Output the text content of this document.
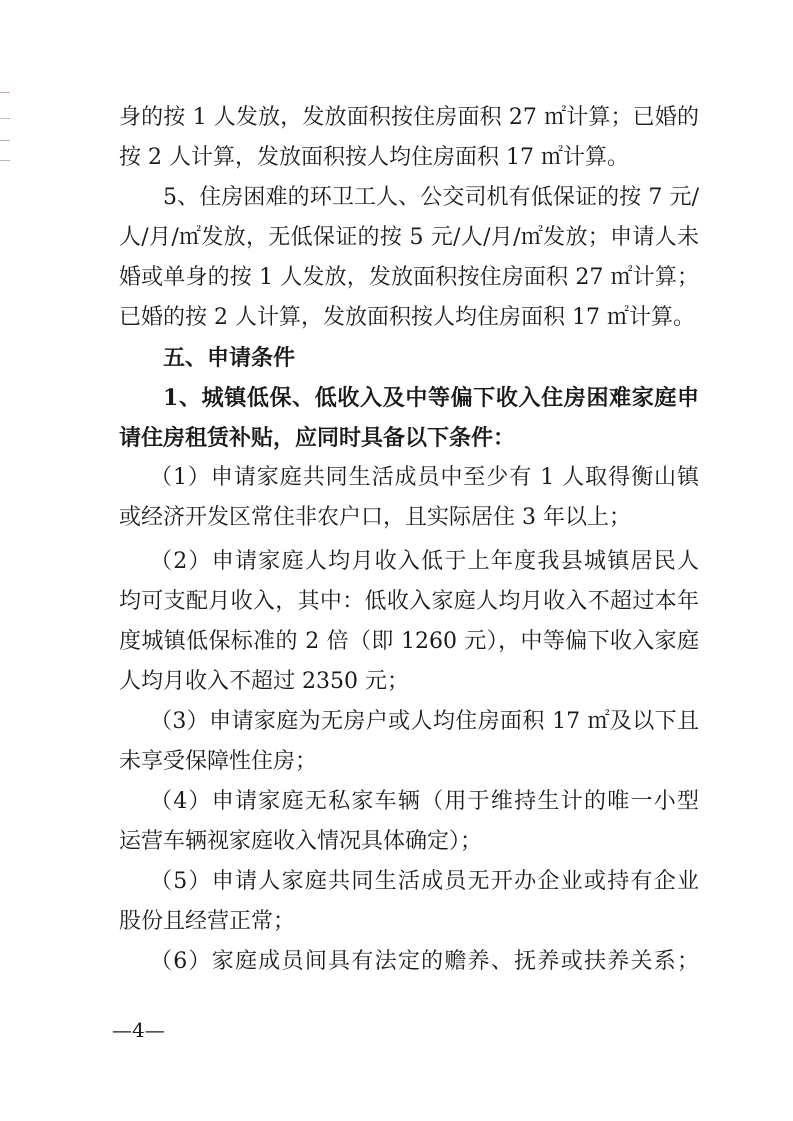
身的按 1 人发放，发放面积按住房面积 27 ㎡计算；已婚的
按 2 人计算，发放面积按人均住房面积 17 ㎡计算。
5、住房困难的环卫工人、公交司机有低保证的按 7 元/
人/月/㎡发放，无低保证的按 5 元/人/月/㎡发放；申请人未
婚或单身的按 1 人发放，发放面积按住房面积 27 ㎡计算；
已婚的按 2 人计算，发放面积按人均住房面积 17 ㎡计算。
五、申请条件
1、城镇低保、低收入及中等偏下收入住房困难家庭申
请住房租赁补贴，应同时具备以下条件：
（1）申请家庭共同生活成员中至少有 1 人取得衡山镇
或经济开发区常住非农户口，且实际居住 3 年以上；
（2）申请家庭人均月收入低于上年度我县城镇居民人
均可支配月收入，其中：低收入家庭人均月收入不超过本年
度城镇低保标准的 2 倍（即 1260 元），中等偏下收入家庭
人均月收入不超过 2350 元；
（3）申请家庭为无房户或人均住房面积 17 ㎡及以下且
未享受保障性住房；
（4）申请家庭无私家车辆（用于维持生计的唯一小型
运营车辆视家庭收入情况具体确定）；
（5）申请人家庭共同生活成员无开办企业或持有企业
股份且经营正常；
（6）家庭成员间具有法定的赡养、抚养或扶养关系；
—4—
